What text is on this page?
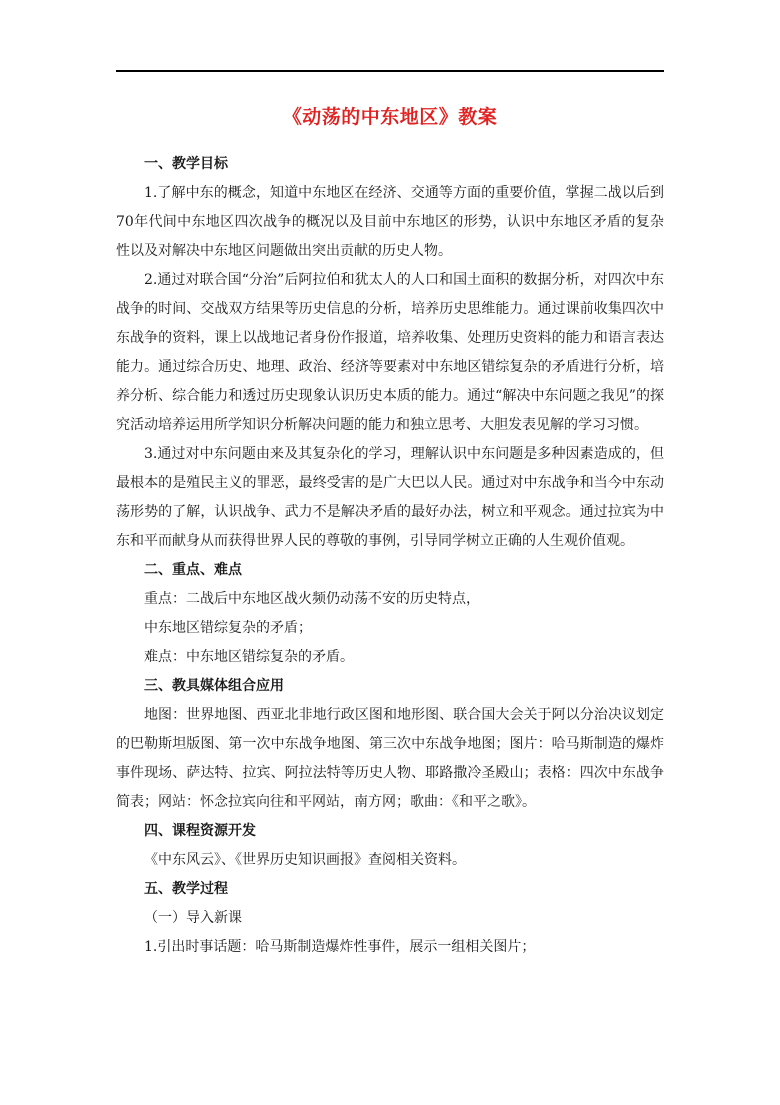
《动荡的中东地区》教案

一、教学目标

1.了解中东的概念，知道中东地区在经济、交通等方面的重要价值，掌握二战以后到70年代间中东地区四次战争的概况以及目前中东地区的形势，认识中东地区矛盾的复杂性以及对解决中东地区问题做出突出贡献的历史人物。

2.通过对联合国“分治”后阿拉伯和犹太人的人口和国土面积的数据分析，对四次中东战争的时间、交战双方结果等历史信息的分析，培养历史思维能力。通过课前收集四次中东战争的资料，课上以战地记者身份作报道，培养收集、处理历史资料的能力和语言表达能力。通过综合历史、地理、政治、经济等要素对中东地区错综复杂的矛盾进行分析，培养分析、综合能力和透过历史现象认识历史本质的能力。通过“解决中东问题之我见”的探究活动培养运用所学知识分析解决问题的能力和独立思考、大胆发表见解的学习习惯。

3.通过对中东问题由来及其复杂化的学习，理解认识中东问题是多种因素造成的，但最根本的是殖民主义的罪恶，最终受害的是广大巴以人民。通过对中东战争和当今中东动荡形势的了解，认识战争、武力不是解决矛盾的最好办法，树立和平观念。通过拉宾为中东和平而献身从而获得世界人民的尊敬的事例，引导同学树立正确的人生观价值观。

二、重点、难点

重点：二战后中东地区战火频仍动荡不安的历史特点，

中东地区错综复杂的矛盾；

难点：中东地区错综复杂的矛盾。

三、教具媒体组合应用

地图：世界地图、西亚北非地行政区图和地形图、联合国大会关于阿以分治决议划定的巴勒斯坦版图、第一次中东战争地图、第三次中东战争地图；图片：哈马斯制造的爆炸事件现场、萨达特、拉宾、阿拉法特等历史人物、耶路撒冷圣殿山；表格：四次中东战争简表；网站：怀念拉宾向往和平网站，南方网；歌曲：《和平之歌》。

四、课程资源开发

《中东风云》、《世界历史知识画报》查阅相关资料。

五、教学过程

（一）导入新课

1.引出时事话题：哈马斯制造爆炸性事件，展示一组相关图片；
